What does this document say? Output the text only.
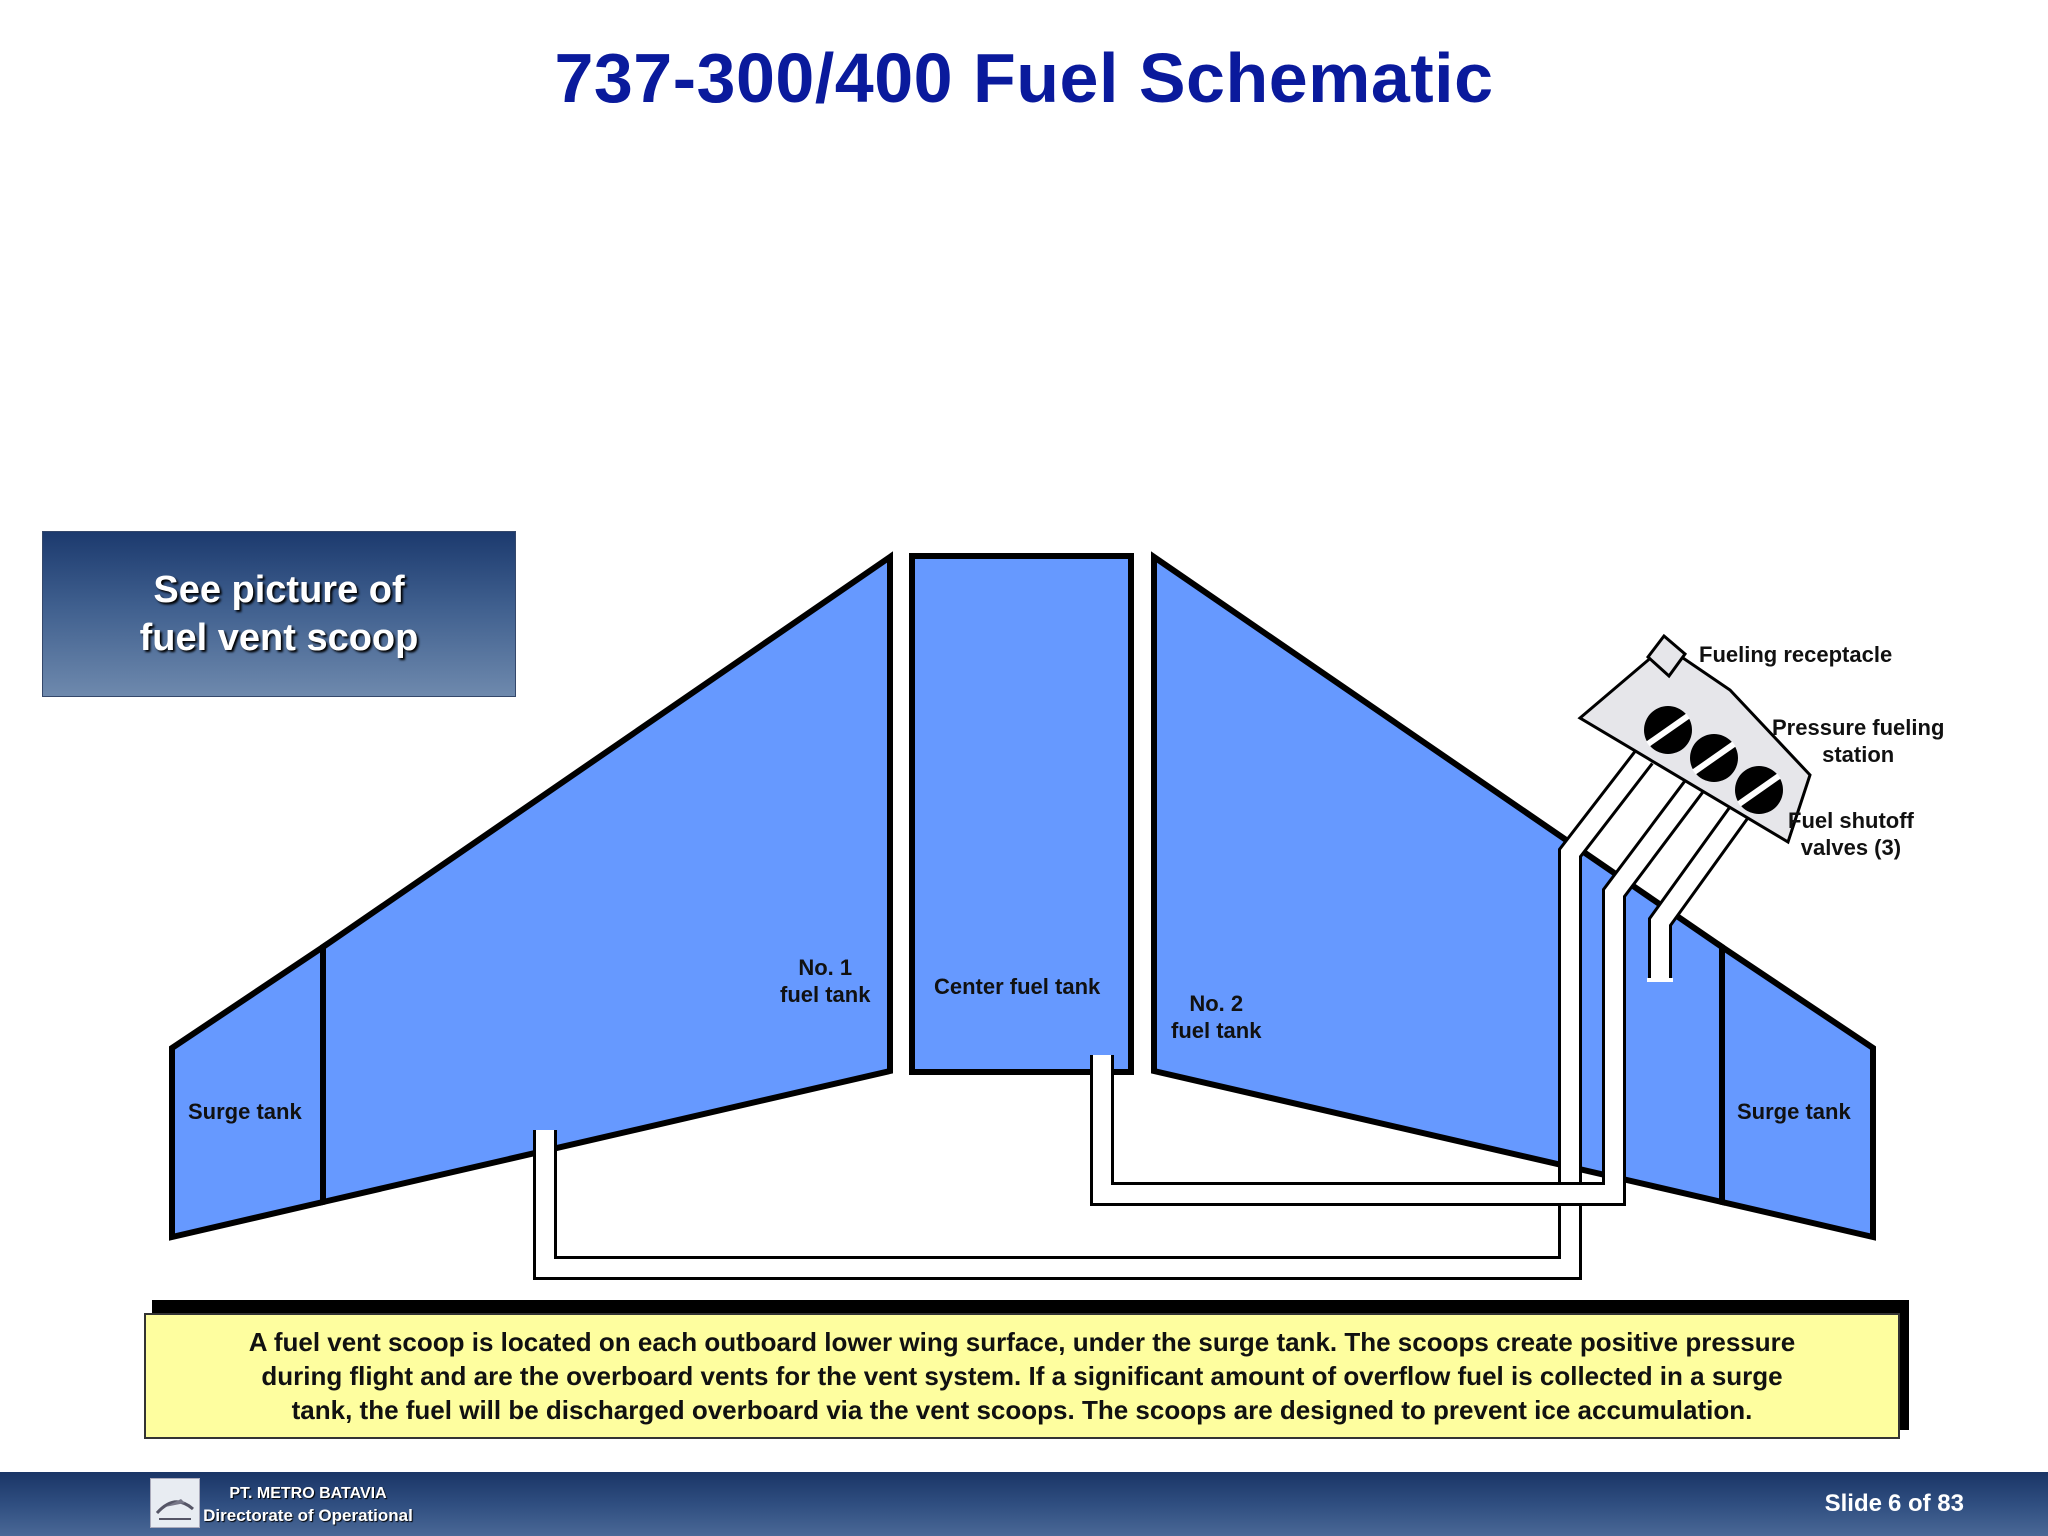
737-300/400 Fuel Schematic
Surge tank	Surge tank
No. 1
fuel tank	Center fuel tank
No. 2
fuel tank
Fueling receptacle
Pressure fueling
station
Fuel shutoff
valves (3)
See picture of
fuel vent scoop
A fuel vent scoop is located on each outboard lower wing surface, under the surge tank. The scoops create positive pressure
during flight and are the overboard vents for the vent system. If a significant amount of overflow fuel is collected in a surge
tank, the fuel will be discharged overboard via the vent scoops. The scoops are designed to prevent ice accumulation.
PT. METRO BATAVIA
Directorate of Operational	Slide 6 of 83
